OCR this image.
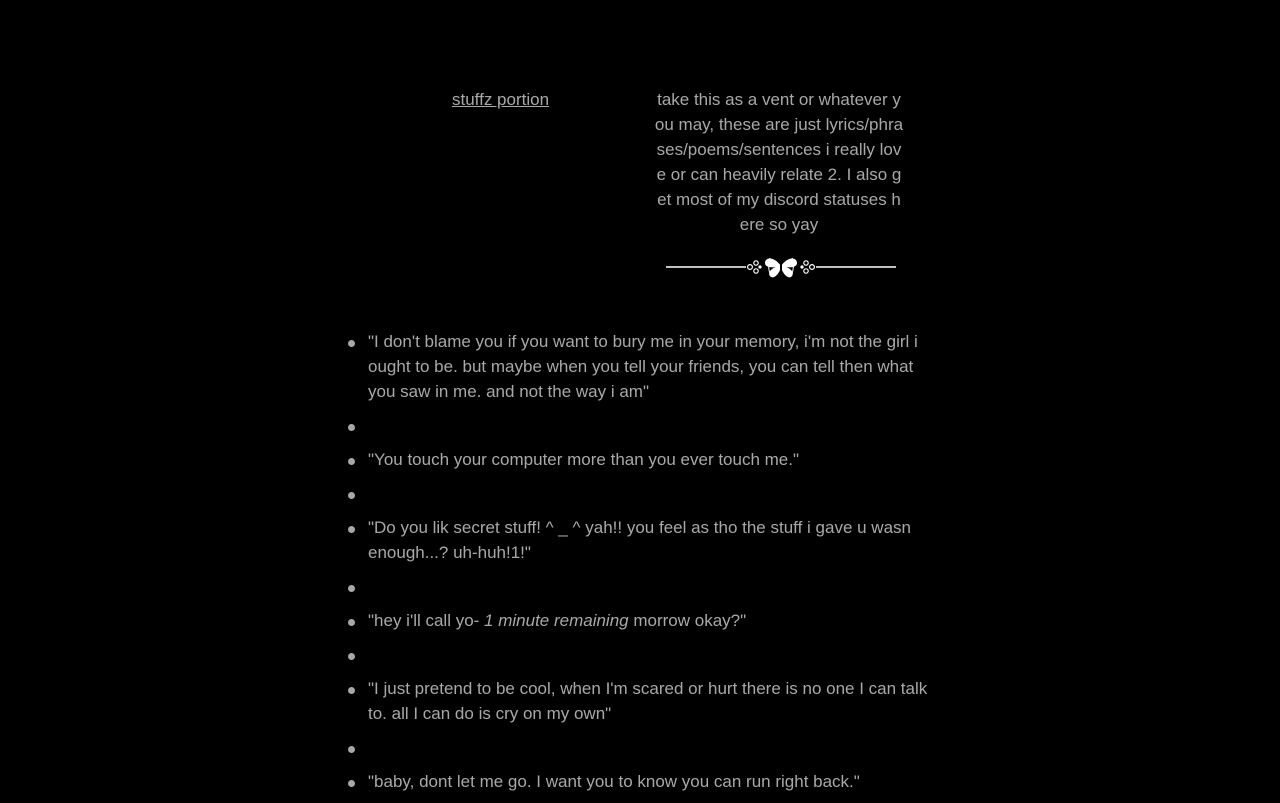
stuffz portion	take this as a vent or whatever you may, these are just lyrics/phrases/poems/sentences i really love or can heavily relate 2. I also get most of my discord statuses here so yay
"I don't blame you if you want to bury me in your memory, i'm not the girl i ought to be. but maybe when you tell your friends, you can tell then what you saw in me. and not the way i am"
"You touch your computer more than you ever touch me."
"Do you lik secret stuff! ^ _ ^ yah!! you feel as tho the stuff i gave u wasn enough...? uh-huh!1!"
"hey i'll call yo- 1 minute remaining morrow okay?"
"I just pretend to be cool, when I'm scared or hurt there is no one I can talk to. all I can do is cry on my own"
"baby, dont let me go. I want you to know you can run right back."
